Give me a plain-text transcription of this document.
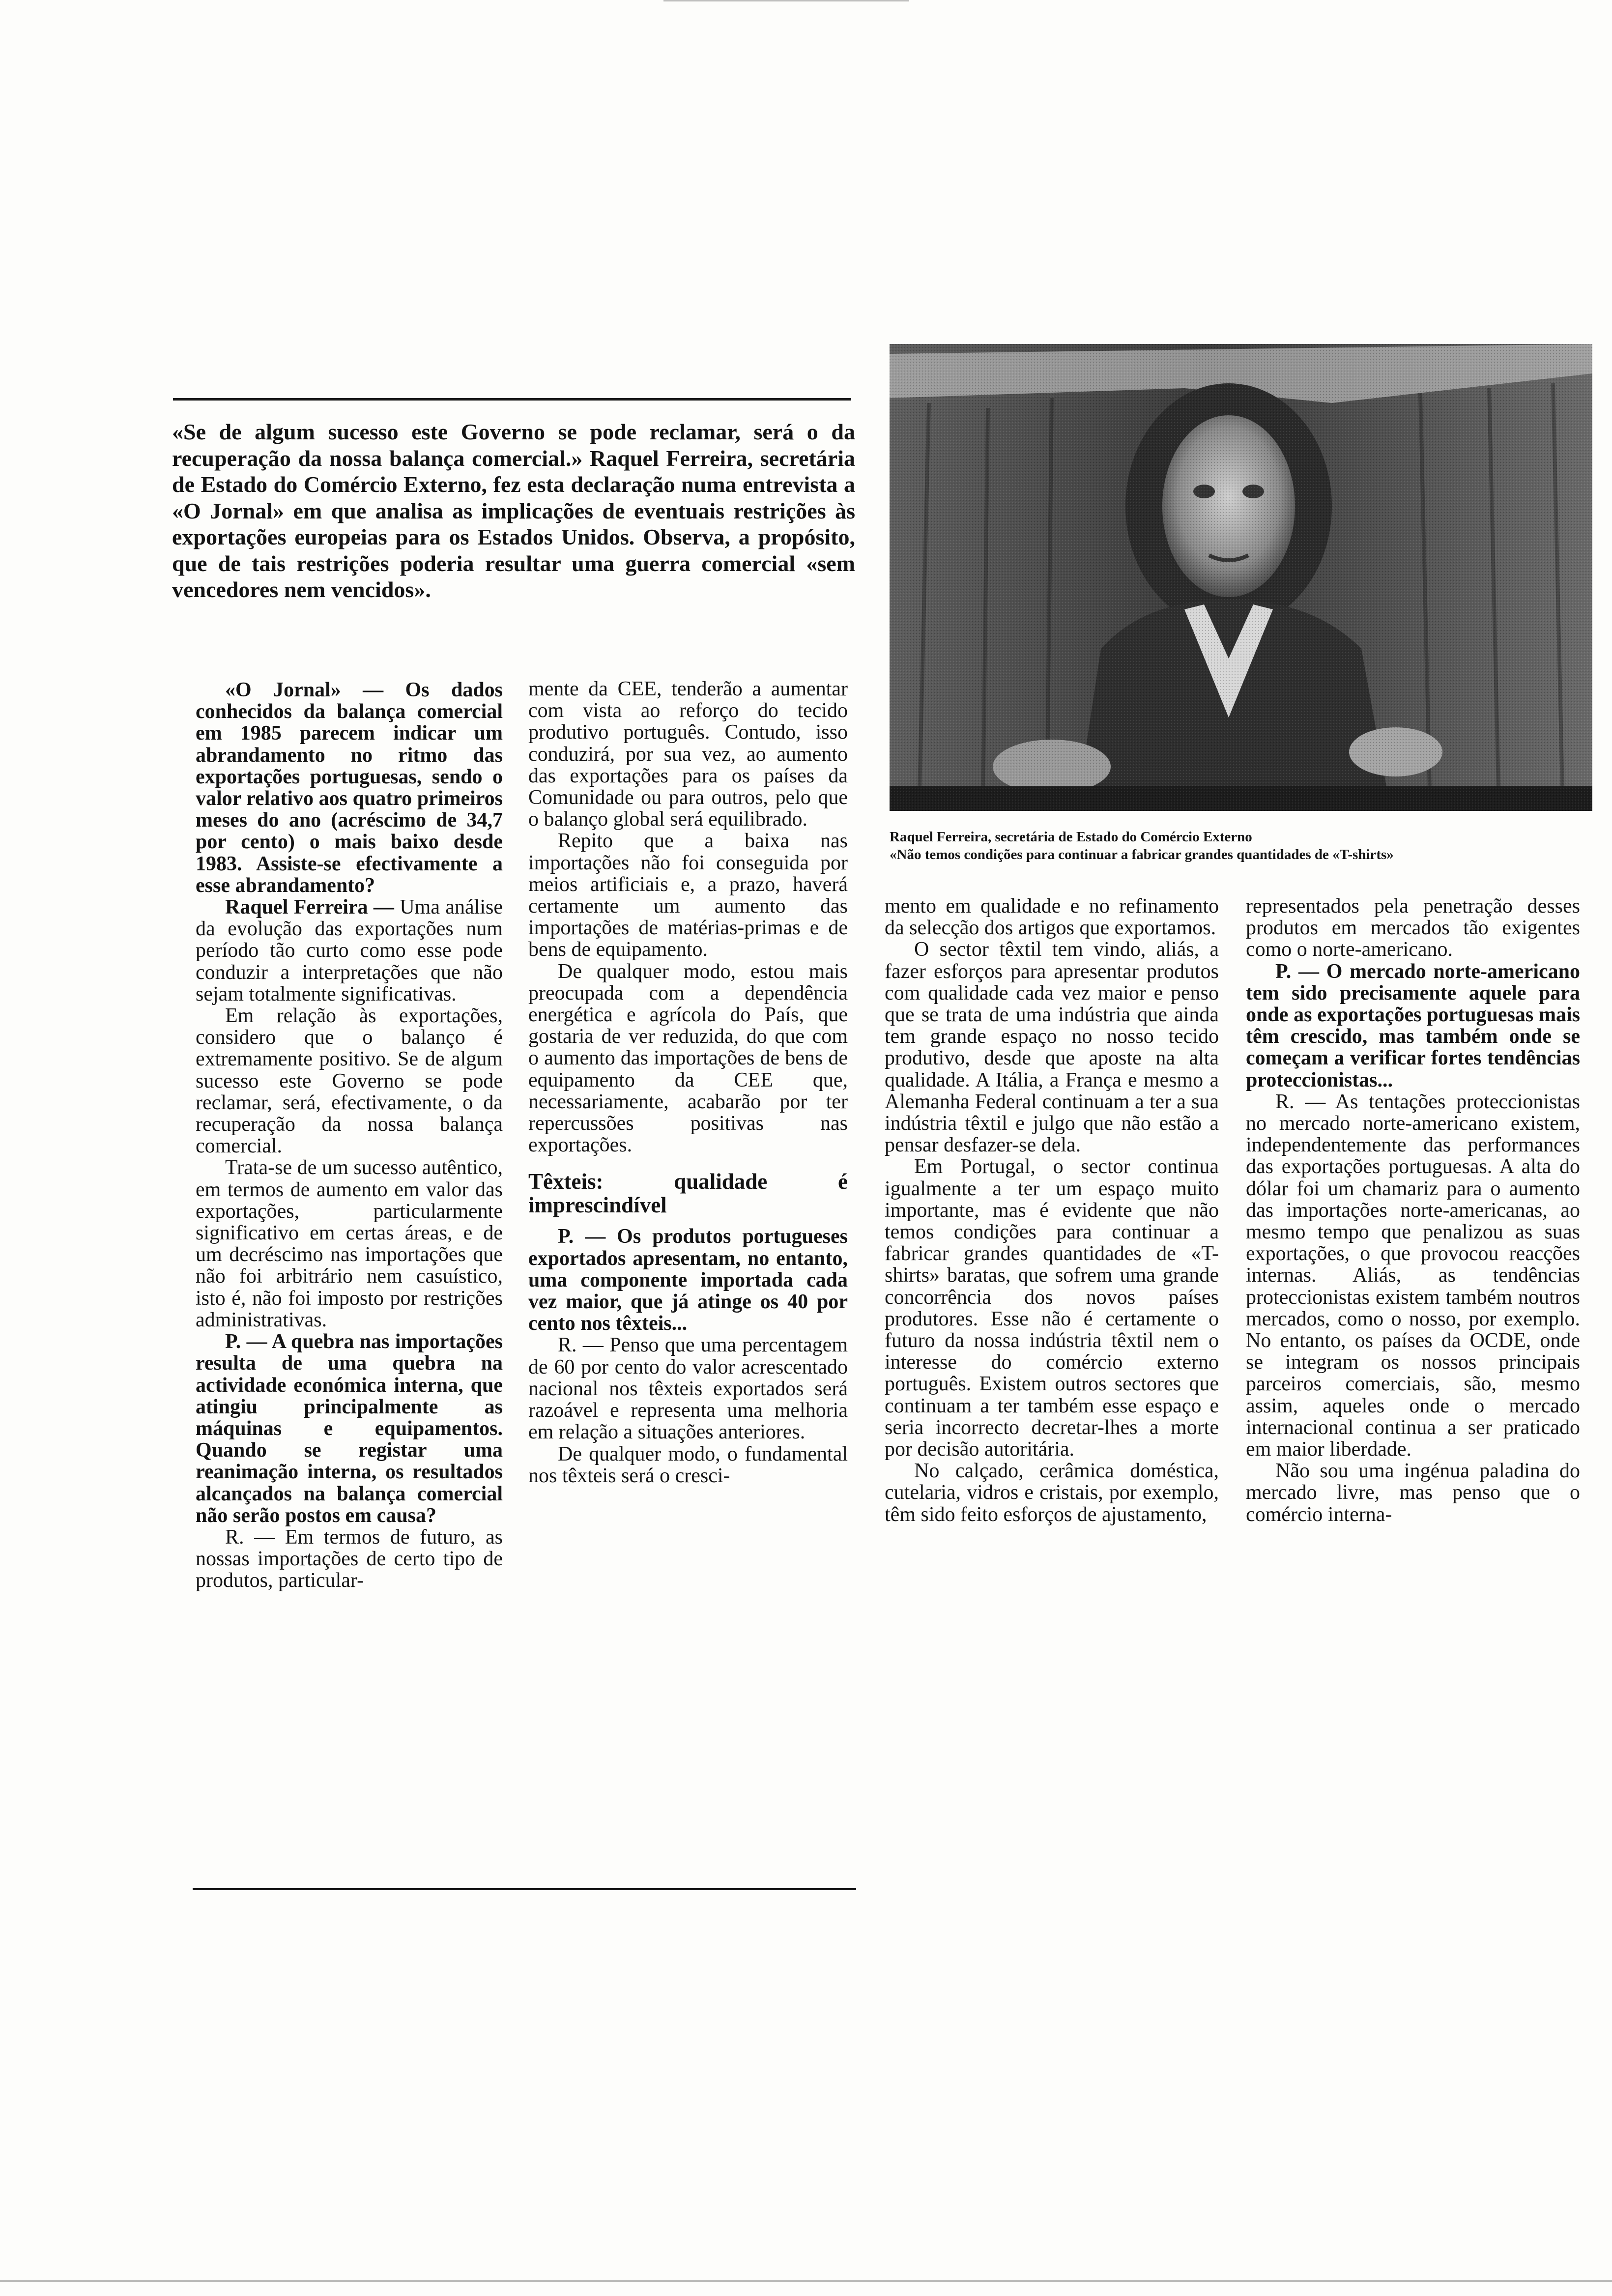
«Se de algum sucesso este Governo se pode reclamar, será o da recuperação da nossa balança comercial.» Raquel Ferreira, secretária de Estado do Comércio Externo, fez esta declaração numa entrevista a «O Jornal» em que analisa as implicações de eventuais restrições às exportações europeias para os Estados Unidos. Observa, a propósito, que de tais restrições poderia resultar uma guerra comercial «sem vencedores nem vencidos».
Raquel Ferreira, secretária de Estado do Comércio Externo
«Não temos condições para continuar a fabricar grandes quantidades de «T-shirts»

«O Jornal» — Os dados conhecidos da balança comercial em 1985 parecem indicar um abrandamento no ritmo das exportações portuguesas, sendo o valor relativo aos quatro primeiros meses do ano (acréscimo de 34,7 por cento) o mais baixo desde 1983. Assiste-se efectivamente a esse abrandamento?

Raquel Ferreira — Uma análise da evolução das exportações num período tão curto como esse pode conduzir a interpretações que não sejam totalmente significativas.

Em relação às exportações, considero que o balanço é extremamente positivo. Se de algum sucesso este Governo se pode reclamar, será, efectivamente, o da recuperação da nossa balança comercial.

Trata-se de um sucesso autêntico, em termos de aumento em valor das exportações, particularmente significativo em certas áreas, e de um decréscimo nas importações que não foi arbitrário nem casuístico, isto é, não foi imposto por restrições administrativas.

P. — A quebra nas importações resulta de uma quebra na actividade económica interna, que atingiu principalmente as máquinas e equipamentos. Quando se registar uma reanimação interna, os resultados alcançados na balança comercial não serão postos em causa?

R. — Em termos de futuro, as nossas importações de certo tipo de produtos, particular-

mente da CEE, tenderão a aumentar com vista ao reforço do tecido produtivo português. Contudo, isso conduzirá, por sua vez, ao aumento das exportações para os países da Comunidade ou para outros, pelo que o balanço global será equilibrado.

Repito que a baixa nas importações não foi conseguida por meios artificiais e, a prazo, haverá certamente um aumento das importações de matérias-primas e de bens de equipamento.

De qualquer modo, estou mais preocupada com a dependência energética e agrícola do País, que gostaria de ver reduzida, do que com o aumento das importações de bens de equipamento da CEE que, necessariamente, acabarão por ter repercussões positivas nas exportações.

Têxteis: qualidade é imprescindível

P. — Os produtos portugueses exportados apresentam, no entanto, uma componente importada cada vez maior, que já atinge os 40 por cento nos têxteis...

R. — Penso que uma percentagem de 60 por cento do valor acrescentado nacional nos têxteis exportados será razoável e representa uma melhoria em relação a situações anteriores.

De qualquer modo, o fundamental nos têxteis será o cresci-

mento em qualidade e no refinamento da selecção dos artigos que exportamos.

O sector têxtil tem vindo, aliás, a fazer esforços para apresentar produtos com qualidade cada vez maior e penso que se trata de uma indústria que ainda tem grande espaço no nosso tecido produtivo, desde que aposte na alta qualidade. A Itália, a França e mesmo a Alemanha Federal continuam a ter a sua indústria têxtil e julgo que não estão a pensar desfazer-se dela.

Em Portugal, o sector continua igualmente a ter um espaço muito importante, mas é evidente que não temos condições para continuar a fabricar grandes quantidades de «T-shirts» baratas, que sofrem uma grande concorrência dos novos países produtores. Esse não é certamente o futuro da nossa indústria têxtil nem o interesse do comércio externo português. Existem outros sectores que continuam a ter também esse espaço e seria incorrecto decretar-lhes a morte por decisão autoritária.

No calçado, cerâmica doméstica, cutelaria, vidros e cristais, por exemplo, têm sido feito esforços de ajustamento,

representados pela penetração desses produtos em mercados tão exigentes como o norte-americano.

P. — O mercado norte-americano tem sido precisamente aquele para onde as exportações portuguesas mais têm crescido, mas também onde se começam a verificar fortes tendências proteccionistas...

R. — As tentações proteccionistas no mercado norte-americano existem, independentemente das performances das exportações portuguesas. A alta do dólar foi um chamariz para o aumento das importações norte-americanas, ao mesmo tempo que penalizou as suas exportações, o que provocou reacções internas. Aliás, as tendências proteccionistas existem também noutros mercados, como o nosso, por exemplo. No entanto, os países da OCDE, onde se integram os nossos principais parceiros comerciais, são, mesmo assim, aqueles onde o mercado internacional continua a ser praticado em maior liberdade.

Não sou uma ingénua paladina do mercado livre, mas penso que o comércio interna-
